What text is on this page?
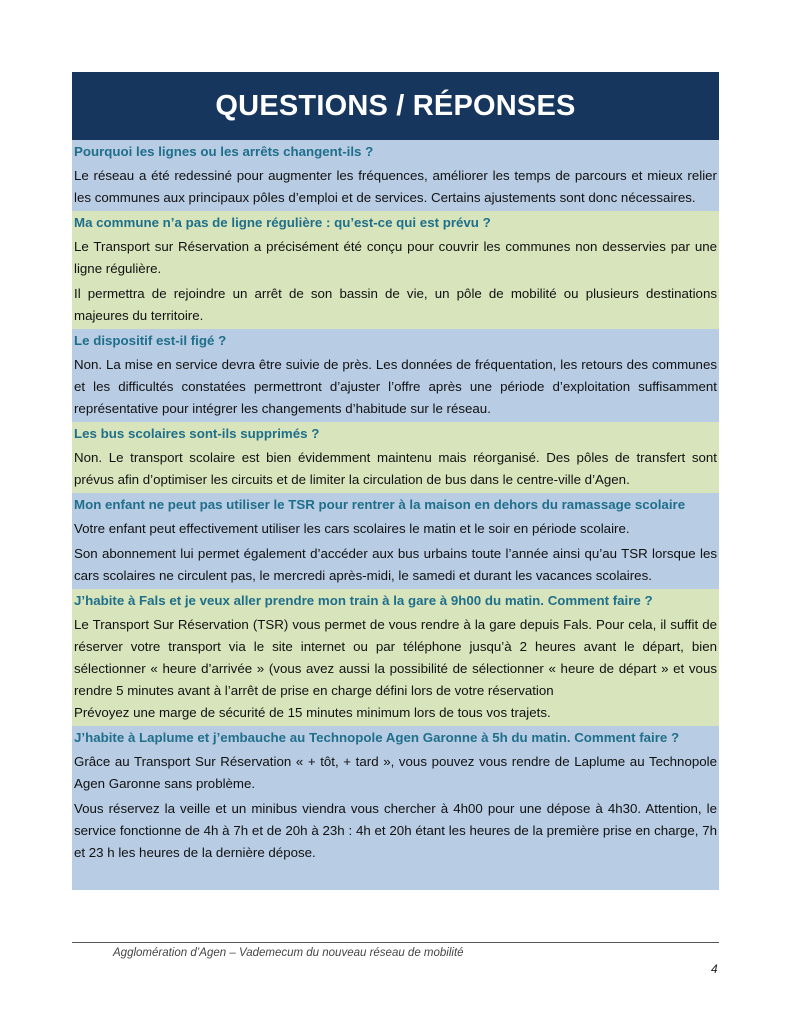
QUESTIONS / RÉPONSES
Pourquoi les lignes ou les arrêts changent-ils ?
Le réseau a été redessiné pour augmenter les fréquences, améliorer les temps de parcours et mieux relier les communes aux principaux pôles d’emploi et de services. Certains ajustements sont donc nécessaires.
Ma commune n’a pas de ligne régulière : qu’est-ce qui est prévu ?
Le Transport sur Réservation a précisément été conçu pour couvrir les communes non desservies par une ligne régulière.
Il permettra de rejoindre un arrêt de son bassin de vie, un pôle de mobilité ou plusieurs destinations majeures du territoire.
Le dispositif est-il figé ?
Non. La mise en service devra être suivie de près. Les données de fréquentation, les retours des communes et les difficultés constatées permettront d’ajuster l’offre après une période d’exploitation suffisamment représentative pour intégrer les changements d’habitude sur le réseau.
Les bus scolaires sont-ils supprimés ?
Non. Le transport scolaire est bien évidemment maintenu mais réorganisé. Des pôles de transfert sont prévus afin d’optimiser les circuits et de limiter la circulation de bus dans le centre-ville d’Agen.
Mon enfant ne peut pas utiliser le TSR pour rentrer à la maison en dehors du ramassage scolaire
Votre enfant peut effectivement utiliser les cars scolaires le matin et le soir en période scolaire.
Son abonnement lui permet également d’accéder aux bus urbains toute l’année ainsi qu’au TSR lorsque les cars scolaires ne circulent pas, le mercredi après-midi, le samedi et durant les vacances scolaires.
J’habite à Fals et je veux aller prendre mon train à la gare à 9h00 du matin. Comment faire ?
Le Transport Sur Réservation (TSR) vous permet de vous rendre à la gare depuis Fals. Pour cela, il suffit de réserver votre transport via le site internet ou par téléphone jusqu’à 2 heures avant le départ, bien sélectionner « heure d’arrivée » (vous avez aussi la possibilité de sélectionner « heure de départ » et vous rendre 5 minutes avant à l’arrêt de prise en charge défini lors de votre réservation
Prévoyez une marge de sécurité de 15 minutes minimum lors de tous vos trajets.
J’habite à Laplume et j’embauche au Technopole Agen Garonne à 5h du matin. Comment faire ?
Grâce au Transport Sur Réservation « + tôt, + tard », vous pouvez vous rendre de Laplume au Technopole Agen Garonne sans problème.
Vous réservez la veille et un minibus viendra vous chercher à 4h00 pour une dépose à 4h30. Attention, le service fonctionne de 4h à 7h et de 20h à 23h : 4h et 20h étant les heures de la première prise en charge, 7h et 23 h les heures de la dernière dépose.
Agglomération d’Agen – Vademecum du nouveau réseau de mobilité
4
